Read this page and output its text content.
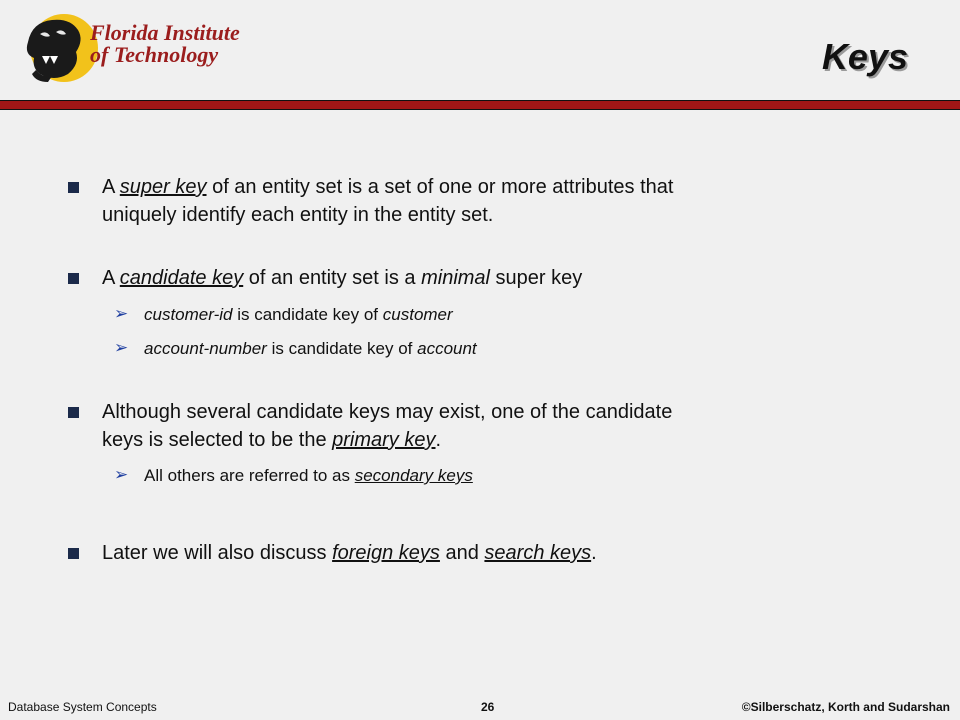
Florida Institute
of Technology	Keys
A super key of an entity set is a set of one or more attributes that
uniquely identify each entity in the entity set.
A candidate key of an entity set is a minimal super key
➢ customer-id is candidate key of customer
➢ account-number is candidate key of account
Although several candidate keys may exist, one of the candidate
keys is selected to be the primary key.
➢ All others are referred to as secondary keys
Later we will also discuss foreign keys and search keys.
Database System Concepts	26	©Silberschatz, Korth and Sudarshan
